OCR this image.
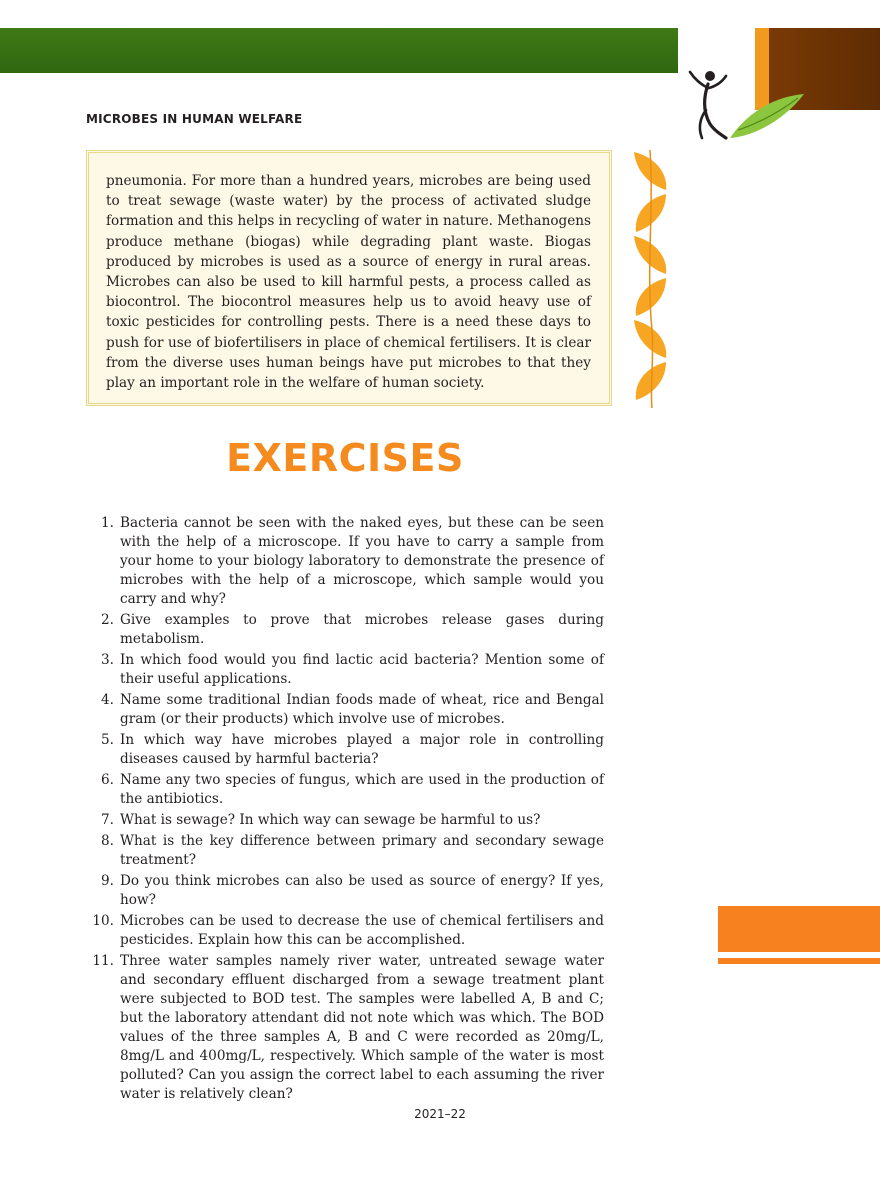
MICROBES IN HUMAN WELFARE

pneumonia. For more than a hundred years, microbes are being used to treat sewage (waste water) by the process of activated sludge formation and this helps in recycling of water in nature. Methanogens produce methane (biogas) while degrading plant waste. Biogas produced by microbes is used as a source of energy in rural areas. Microbes can also be used to kill harmful pests, a process called as biocontrol. The biocontrol measures help us to avoid heavy use of toxic pesticides for controlling pests. There is a need these days to push for use of biofertilisers in place of chemical fertilisers. It is clear from the diverse uses human beings have put microbes to that they play an important role in the welfare of human society.

EXERCISES
1. Bacteria cannot be seen with the naked eyes, but these can be seen with the help of a microscope. If you have to carry a sample from your home to your biology laboratory to demonstrate the presence of microbes with the help of a microscope, which sample would you carry and why?
2. Give examples to prove that microbes release gases during metabolism.
3. In which food would you find lactic acid bacteria? Mention some of their useful applications.
4. Name some traditional Indian foods made of wheat, rice and Bengal gram (or their products) which involve use of microbes.
5. In which way have microbes played a major role in controlling diseases caused by harmful bacteria?
6. Name any two species of fungus, which are used in the production of the antibiotics.
7. What is sewage? In which way can sewage be harmful to us?
8. What is the key difference between primary and secondary sewage treatment?
9. Do you think microbes can also be used as source of energy? If yes, how?
10. Microbes can be used to decrease the use of chemical fertilisers and pesticides. Explain how this can be accomplished.
11. Three water samples namely river water, untreated sewage water and secondary effluent discharged from a sewage treatment plant were subjected to BOD test. The samples were labelled A, B and C; but the laboratory attendant did not note which was which. The BOD values of the three samples A, B and C were recorded as 20mg/L, 8mg/L and 400mg/L, respectively. Which sample of the water is most polluted? Can you assign the correct label to each assuming the river water is relatively clean?
2021–22
